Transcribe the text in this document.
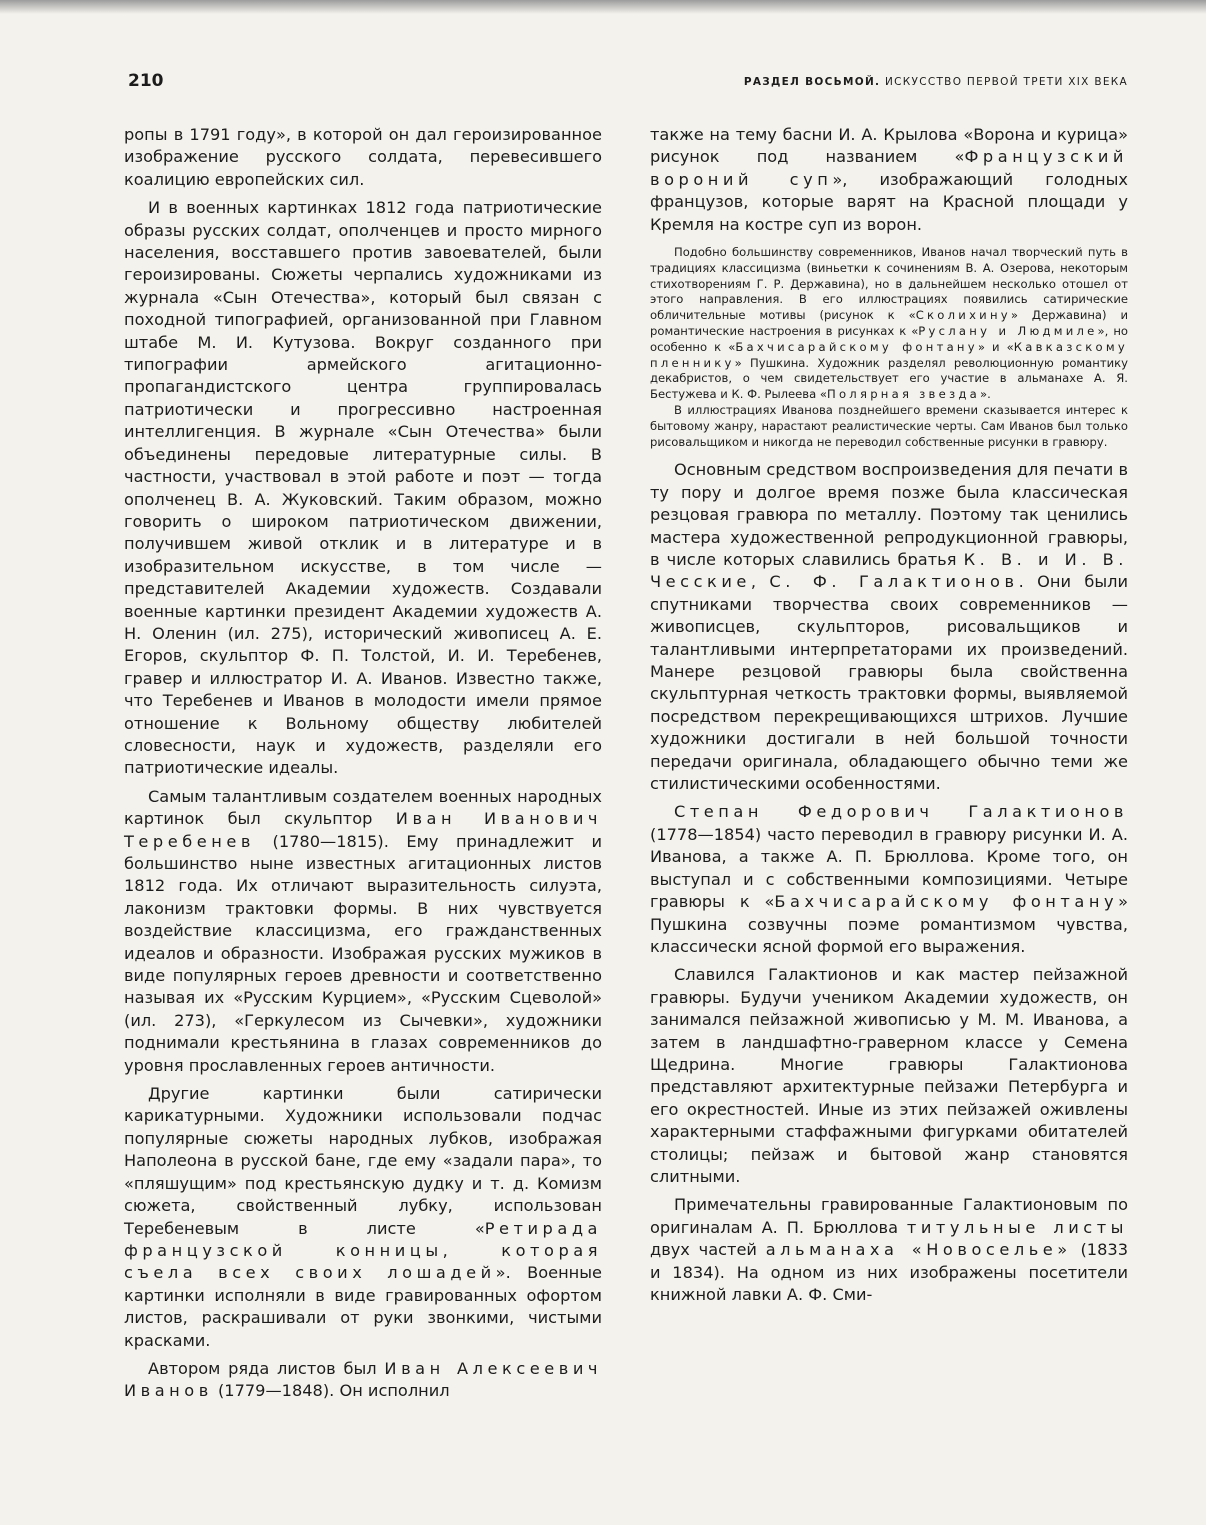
210	РАЗДЕЛ ВОСЬМОЙ. ИСКУССТВО ПЕРВОЙ ТРЕТИ XIX ВЕКА

ропы в 1791 году», в которой он дал героизированное изображение русского солдата, перевесившего коалицию европейских сил.

И в военных картинках 1812 года патриотические образы русских солдат, ополченцев и просто мирного населения, восставшего против завоевателей, были героизированы. Сюжеты черпались художниками из журнала «Сын Отечества», который был связан с походной типографией, организованной при Главном штабе М. И. Кутузова. Вокруг созданного при типографии армейского агитационно-пропагандистского центра группировалась патриотически и прогрессивно настроенная интеллигенция. В журнале «Сын Отечества» были объединены передовые литературные силы. В частности, участвовал в этой работе и поэт — тогда ополченец В. А. Жуковский. Таким образом, можно говорить о широком патриотическом движении, получившем живой отклик и в литературе и в изобразительном искусстве, в том числе — представителей Академии художеств. Создавали военные картинки президент Академии художеств А. Н. Оленин (ил. 275), исторический живописец А. Е. Егоров, скульптор Ф. П. Толстой, И. И. Теребенев, гравер и иллюстратор И. А. Иванов. Известно также, что Теребенев и Иванов в молодости имели прямое отношение к Вольному обществу любителей словесности, наук и художеств, разделяли его патриотические идеалы.

Самым талантливым создателем военных народных картинок был скульптор Иван Иванович Теребенев (1780—1815). Ему принадлежит и большинство ныне известных агитационных листов 1812 года. Их отличают выразительность силуэта, лаконизм трактовки формы. В них чувствуется воздействие классицизма, его гражданственных идеалов и образности. Изображая русских мужиков в виде популярных героев древности и соответственно называя их «Русским Курцием», «Русским Сцеволой» (ил. 273), «Геркулесом из Сычевки», художники поднимали крестьянина в глазах современников до уровня прославленных героев античности.

Другие картинки были сатирически карикатурными. Художники использовали подчас популярные сюжеты народных лубков, изображая Наполеона в русской бане, где ему «задали пара», то «пляшущим» под крестьянскую дудку и т. д. Комизм сюжета, свойственный лубку, использован Теребеневым в листе «Ретирада французской конницы, которая съела всех своих лошадей». Военные картинки исполняли в виде гравированных офортом листов, раскрашивали от руки звонкими, чистыми красками.

Автором ряда листов был Иван Алексеевич Иванов (1779—1848). Он исполнил

также на тему басни И. А. Крылова «Ворона и курица» рисунок под названием «Французский вороний суп», изображающий голодных французов, которые варят на Красной площади у Кремля на костре суп из ворон.

Подобно большинству современников, Иванов начал творческий путь в традициях классицизма (виньетки к сочинениям В. А. Озерова, некоторым стихотворениям Г. Р. Державина), но в дальнейшем несколько отошел от этого направления. В его иллюстрациях появились сатирические обличительные мотивы (рисунок к «Сколихину» Державина) и романтические настроения в рисунках к «Руслану и Людмиле», но особенно к «Бахчисарайскому фонтану» и «Кавказскому пленнику» Пушкина. Художник разделял революционную романтику декабристов, о чем свидетельствует его участие в альманахе А. Я. Бестужева и К. Ф. Рылеева «Полярная звезда».
В иллюстрациях Иванова позднейшего времени сказывается интерес к бытовому жанру, нарастают реалистические черты. Сам Иванов был только рисовальщиком и никогда не переводил собственные рисунки в гравюру.

Основным средством воспроизведения для печати в ту пору и долгое время позже была классическая резцовая гравюра по металлу. Поэтому так ценились мастера художественной репродукционной гравюры, в числе которых славились братья К. В. и И. В. Чесские, С. Ф. Галактионов. Они были спутниками творчества своих современников — живописцев, скульпторов, рисовальщиков и талантливыми интерпретаторами их произведений. Манере резцовой гравюры была свойственна скульптурная четкость трактовки формы, выявляемой посредством перекрещивающихся штрихов. Лучшие художники достигали в ней большой точности передачи оригинала, обладающего обычно теми же стилистическими особенностями.

Степан Федорович Галактионов (1778—1854) часто переводил в гравюру рисунки И. А. Иванова, а также А. П. Брюллова. Кроме того, он выступал и с собственными композициями. Четыре гравюры к «Бахчисарайскому фонтану» Пушкина созвучны поэме романтизмом чувства, классически ясной формой его выражения.

Славился Галактионов и как мастер пейзажной гравюры. Будучи учеником Академии художеств, он занимался пейзажной живописью у М. М. Иванова, а затем в ландшафтно-граверном классе у Семена Щедрина. Многие гравюры Галактионова представляют архитектурные пейзажи Петербурга и его окрестностей. Иные из этих пейзажей оживлены характерными стаффажными фигурками обитателей столицы; пейзаж и бытовой жанр становятся слитными.

Примечательны гравированные Галактионовым по оригиналам А. П. Брюллова титульные листы двух частей альманаха «Новоселье» (1833 и 1834). На одном из них изображены посетители книжной лавки А. Ф. Сми-
